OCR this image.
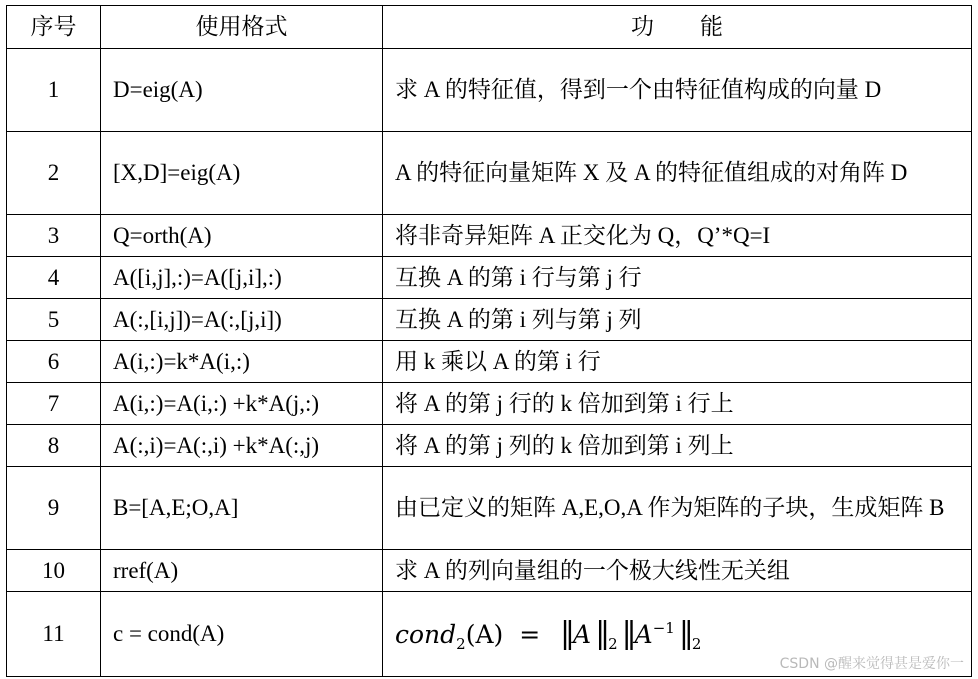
序号	使用格式	功 能
1	D=eig(A)	求 A 的特征值，得到一个由特征值构成的向量 D
2	[X,D]=eig(A)	A 的特征向量矩阵 X 及 A 的特征值组成的对角阵 D
3	Q=orth(A)	将非奇异矩阵 A 正交化为 Q，Q’*Q=I
4	A([i,j],:)=A([j,i],:)	互换 A 的第 i 行与第 j 行
5	A(:,[i,j])=A(:,[j,i])	互换 A 的第 i 列与第 j 列
6	A(i,:)=k*A(i,:)	用 k 乘以 A 的第 i 行
7	A(i,:)=A(i,:) +k*A(j,:)	将 A 的第 j 行的 k 倍加到第 i 行上
8	A(:,i)=A(:,i) +k*A(:,j)	将 A 的第 j 列的 k 倍加到第 i 列上
9	B=[A,E;O,A]	由已定义的矩阵 A,E,O,A 作为矩阵的子块，生成矩阵 B
10	rref(A)	求 A 的列向量组的一个极大线性无关组
11	c = cond(A)	cond$_2$(A) = ‖ A ‖ $_2$ ‖ $A^{-1}$ ‖ $_2$
CSDN @醒来觉得甚是爱你一
